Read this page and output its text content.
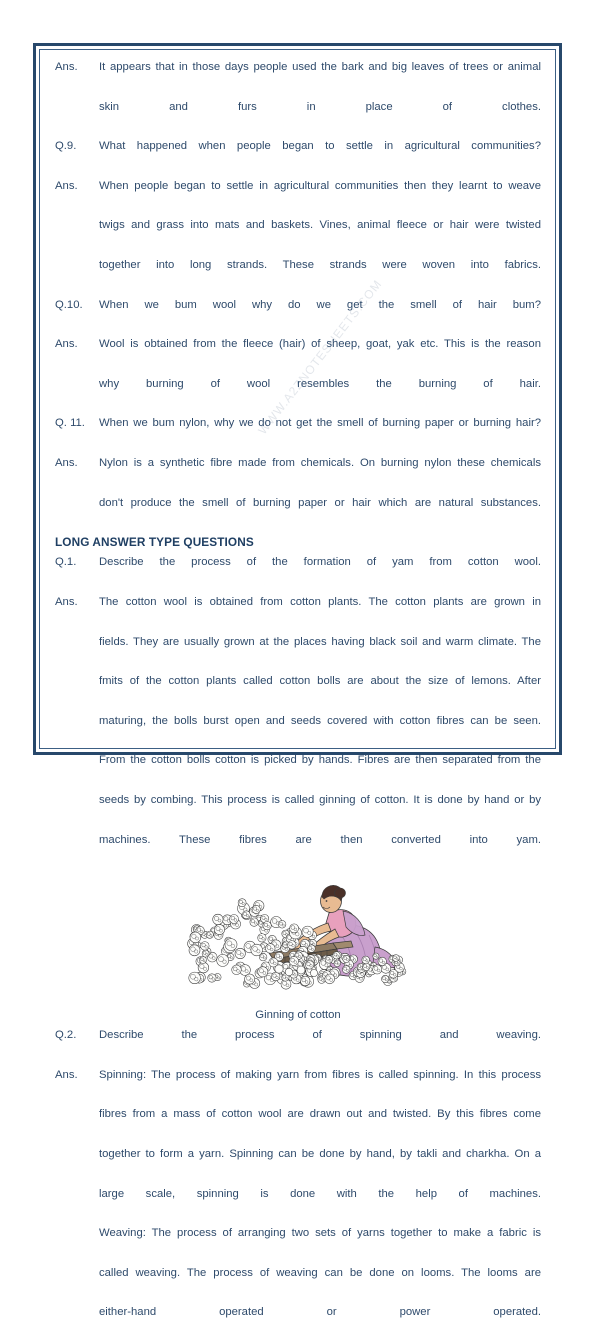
WWW.A2ZNOTESHEETS.COM
Ans.	It appears that in those days people used the bark and big leaves of trees or animal
skin and furs in place of clothes.
Q.9.	What happened when people began to settle in agricultural communities?
Ans.	When people began to settle in agricultural communities then they learnt to weave
twigs and grass into mats and baskets. Vines, animal fleece or hair were twisted
together into long strands. These strands were woven into fabrics.
Q.10.	When we bum wool why do we get the smell of hair bum?
Ans.	Wool is obtained from the fleece (hair) of sheep, goat, yak etc. This is the reason
why burning of wool resembles the burning of hair.
Q. 11.	When we bum nylon, why we do not get the smell of burning paper or burning hair?
Ans.	Nylon is a synthetic fibre made from chemicals. On burning nylon these chemicals
don't produce the smell of burning paper or hair which are natural substances.
LONG ANSWER TYPE QUESTIONS
Q.1.	Describe the process of the formation of yam from cotton wool.
Ans.	The cotton wool is obtained from cotton plants. The cotton plants are grown in
fields. They are usually grown at the places having black soil and warm climate. The
fmits of the cotton plants called cotton bolls are about the size of lemons. After
maturing, the bolls burst open and seeds covered with cotton fibres can be seen.
From the cotton bolls cotton is picked by hands. Fibres are then separated from the
seeds by combing. This process is called ginning of cotton. It is done by hand or by
machines. These fibres are then converted into yam.
Ginning of cotton
Q.2.	Describe the process of spinning and weaving.
Ans.	Spinning: The process of making yarn from fibres is called spinning. In this process
fibres from a mass of cotton wool are drawn out and twisted. By this fibres come
together to form a yarn. Spinning can be done by hand, by takli and charkha. On a
large scale, spinning is done with the help of machines.
Weaving: The process of arranging two sets of yarns together to make a fabric is
called weaving. The process of weaving can be done on looms. The looms are
either-hand operated or power operated.
